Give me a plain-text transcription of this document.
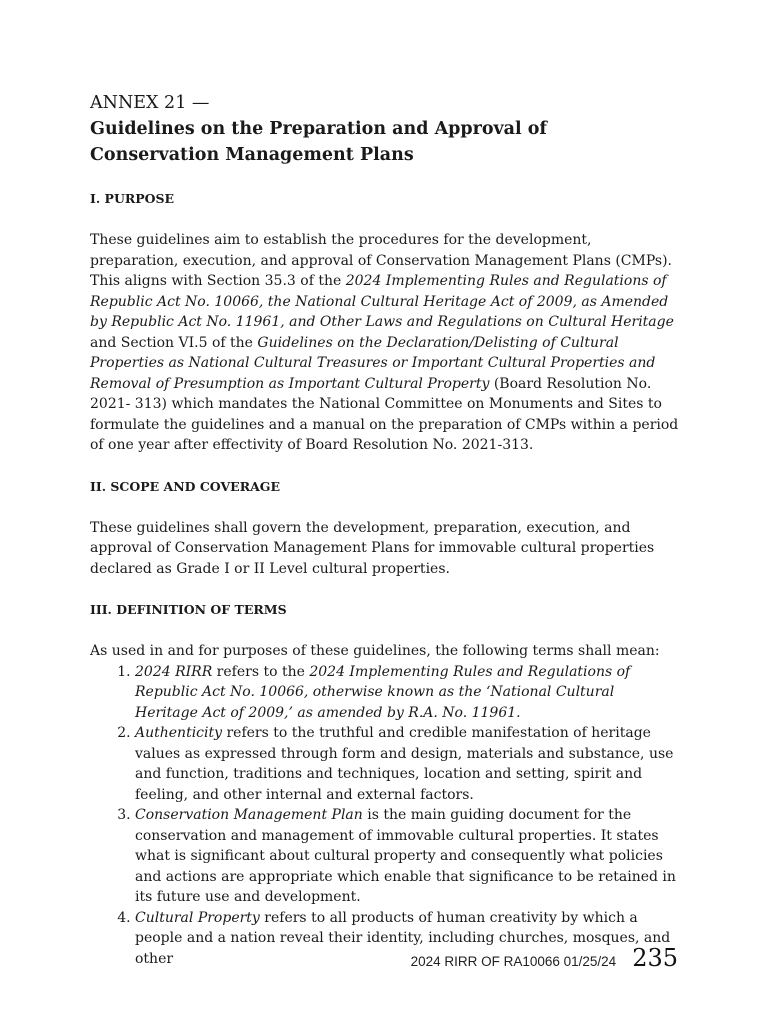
ANNEX 21 —
Guidelines on the Preparation and Approval of Conservation Management Plans
I. PURPOSE

These guidelines aim to establish the procedures for the development, preparation, execution, and approval of Conservation Management Plans (CMPs). This aligns with Section 35.3 of the 2024 Implementing Rules and Regulations of Republic Act No. 10066, the National Cultural Heritage Act of 2009, as Amended by Republic Act No. 11961, and Other Laws and Regulations on Cultural Heritage and Section VI.5 of the Guidelines on the Declaration/Delisting of Cultural Properties as National Cultural Treasures or Important Cultural Properties and Removal of Presumption as Important Cultural Property (Board Resolution No. 2021- 313) which mandates the National Committee on Monuments and Sites to formulate the guidelines and a manual on the preparation of CMPs within a period of one year after effectivity of Board Resolution No. 2021-313.

II. SCOPE AND COVERAGE

These guidelines shall govern the development, preparation, execution, and approval of Conservation Management Plans for immovable cultural properties declared as Grade I or II Level cultural properties.

III. DEFINITION OF TERMS

As used in and for purposes of these guidelines, the following terms shall mean:

1. 2024 RIRR refers to the 2024 Implementing Rules and Regulations of Republic Act No. 10066, otherwise known as the ‘National Cultural Heritage Act of 2009,’ as amended by R.A. No. 11961.
2. Authenticity refers to the truthful and credible manifestation of heritage values as expressed through form and design, materials and substance, use and function, traditions and techniques, location and setting, spirit and feeling, and other internal and external factors.
3. Conservation Management Plan is the main guiding document for the conservation and management of immovable cultural properties. It states what is significant about cultural property and consequently what policies and actions are appropriate which enable that significance to be retained in its future use and development.
4. Cultural Property refers to all products of human creativity by which a people and a nation reveal their identity, including churches, mosques, and other	2024 RIRR OF RA10066 01/25/24 235
